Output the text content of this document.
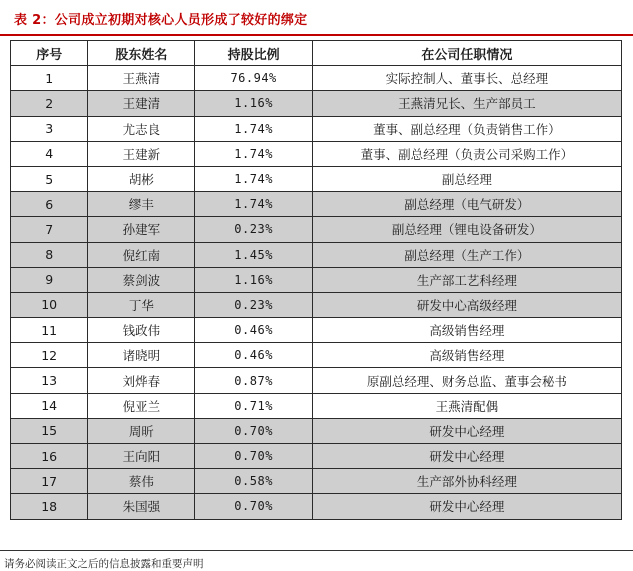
表 2：公司成立初期对核心人员形成了较好的绑定
序号	股东姓名	持股比例	在公司任职情况
1	王燕清	76.94%	实际控制人、董事长、总经理
2	王建清	1.16%	王燕清兄长、生产部员工
3	尤志良	1.74%	董事、副总经理（负责销售工作）
4	王建新	1.74%	董事、副总经理（负责公司采购工作）
5	胡彬	1.74%	副总经理
6	缪丰	1.74%	副总经理（电气研发）
7	孙建军	0.23%	副总经理（锂电设备研发）
8	倪红南	1.45%	副总经理（生产工作）
9	蔡剑波	1.16%	生产部工艺科经理
10	丁华	0.23%	研发中心高级经理
11	钱政伟	0.46%	高级销售经理
12	诸晓明	0.46%	高级销售经理
13	刘烨春	0.87%	原副总经理、财务总监、董事会秘书
14	倪亚兰	0.71%	王燕清配偶
15	周昕	0.70%	研发中心经理
16	王向阳	0.70%	研发中心经理
17	蔡伟	0.58%	生产部外协科经理
18	朱国强	0.70%	研发中心经理
请务必阅读正文之后的信息披露和重要声明
